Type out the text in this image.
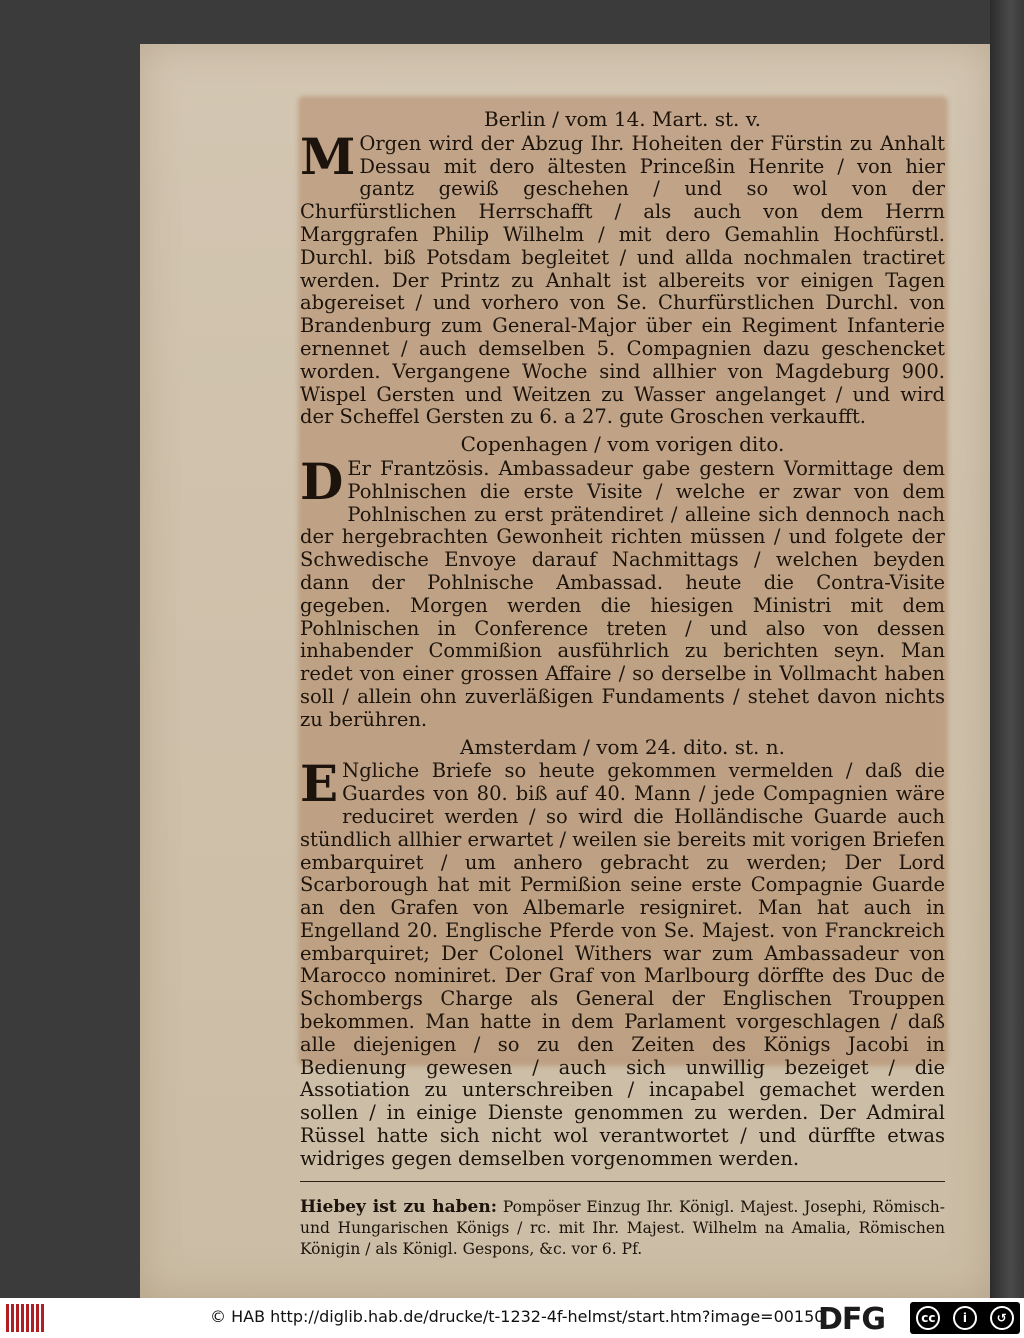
Berlin / vom 14. Mart. st. v.

M Orgen wird der Abzug Ihr. Hoheiten der Fürstin zu Anhalt Dessau mit dero ältesten Princeßin Henrite / von hier gantz gewiß geschehen / und so wol von der Churfürstlichen Herrschafft / als auch von dem Herrn Marggrafen Philip Wilhelm / mit dero Gemahlin Hochfürstl. Durchl. biß Potsdam begleitet / und allda nochmalen tractiret werden. Der Printz zu Anhalt ist albereits vor einigen Tagen abgereiset / und vorhero von Se. Churfürstlichen Durchl. von Brandenburg zum General-Major über ein Regiment Infanterie ernennet / auch demselben 5. Compagnien dazu geschencket worden. Vergangene Woche sind allhier von Magdeburg 900. Wispel Gersten und Weitzen zu Wasser angelanget / und wird der Scheffel Gersten zu 6. a 27. gute Groschen verkaufft.

Copenhagen / vom vorigen dito.

D Er Frantzösis. Ambassadeur gabe gestern Vormittage dem Pohlnischen die erste Visite / welche er zwar von dem Pohlnischen zu erst prätendiret / alleine sich dennoch nach der hergebrachten Gewonheit richten müssen / und folgete der Schwedische Envoye darauf Nachmittags / welchen beyden dann der Pohlnische Ambassad. heute die Contra-Visite gegeben. Morgen werden die hiesigen Ministri mit dem Pohlnischen in Conference treten / und also von dessen inhabender Commißion ausführlich zu berichten seyn. Man redet von einer grossen Affaire / so derselbe in Vollmacht haben soll / allein ohn zuverläßigen Fundaments / stehet davon nichts zu berühren.

Amsterdam / vom 24. dito. st. n.

E Ngliche Briefe so heute gekommen vermelden / daß die Guardes von 80. biß auf 40. Mann / jede Compagnien wäre reduciret werden / so wird die Holländische Guarde auch stündlich allhier erwartet / weilen sie bereits mit vorigen Briefen embarquiret / um anhero gebracht zu werden; Der Lord Scarborough hat mit Permißion seine erste Compagnie Guarde an den Grafen von Albemarle resigniret. Man hat auch in Engelland 20. Englische Pferde von Se. Majest. von Franckreich embarquiret; Der Colonel Withers war zum Ambassadeur von Marocco nominiret. Der Graf von Marlbourg dörffte des Duc de Schombergs Charge als General der Englischen Trouppen bekommen. Man hatte in dem Parlament vorgeschlagen / daß alle diejenigen / so zu den Zeiten des Königs Jacobi in Bedienung gewesen / auch sich unwillig bezeiget / die Assotiation zu unterschreiben / incapabel gemachet werden sollen / in einige Dienste genommen zu werden. Der Admiral Rüssel hatte sich nicht wol verantwortet / und dürffte etwas widriges gegen demselben vorgenommen werden.

Hiebey ist zu haben: Pompöser Einzug Ihr. Königl. Majest. Josephi, Römisch- und Hungarischen Königs / rc. mit Ihr. Majest. Wilhelm na Amalia, Römischen Königin / als Königl. Gespons, &c. vor 6. Pf.

© HAB http://diglib.hab.de/drucke/t-1232-4f-helmst/start.htm?image=00150
DFG	cc	i	↺
